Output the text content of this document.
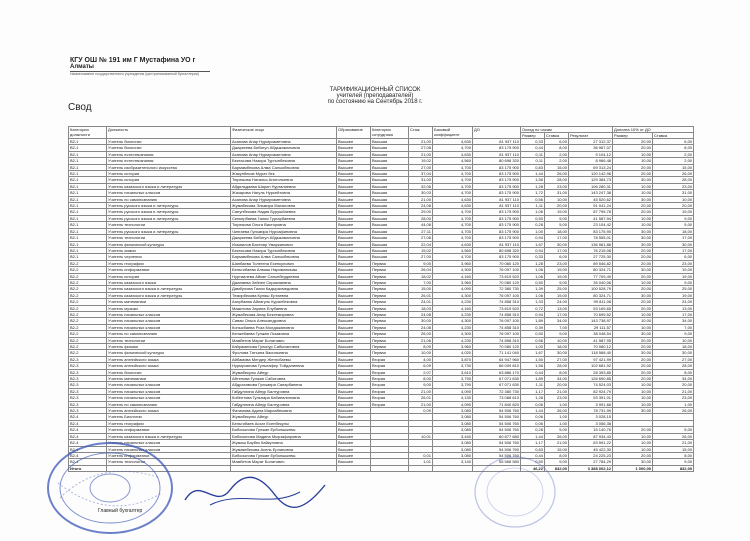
КГУ ОШ № 191 им Г Мустафина УО г
Алматы
Наименование государственного учреждения (централизованной бухгалтерии)
ТАРИФИКАЦИОННЫЙ СПИСОК
учителей (преподавателей)
по состоянию на Сентябрь 2018 г.
Свод
Категория должности	Должность	Физическое лицо	Образование	Категория сотрудника	Стаж	Базовый коэффициент	ДО	Оклад по часам			Доплата 10% от ДО	
								Размер	Ставка	Результат	Размер	Ставка
В2-1	Учитель биологии	Асанова Анар Нурмухаметовна	Высшее	Высшая	21,00	4,630	81 937 110	0,33	6,00	27 312,37	20,00	6,00
В2-1	Учитель биологии	Джаркеева Бибигул Абдыкамаловна	Высшее	Высшая	27,08	4,700	83 175 900	0,44	8,00	36 967,07	20,00	8,00
В2-1	Учитель естествознания	Асанова Анар Нурмухаметовна	Высшее	Высшая	21,00	4,630	81 937 110	0,11	2,00	9 104,12	10,00	2,00
В2-1	Учитель естествознания	Бектасова Назира Тургынбековна	Высшее	Высшая	19,02	4,560	80 698 320	0,11	2,00	8 966,48	10,00	2,00
В2-1	Учитель изобразительного искусства	Бармамбекова Алма Салыкбековна	Высшее	Высшая	27,00	4,700	83 175 900	0,83	15,00	69 313,24	20,00	15,00
В2-1	Учитель истории	Жакупбеков Мурат бек	Высшее	Высшая	37,04	4,700	83 175 900	1,44	26,00	120 142,96	20,00	26,00
В2-1	Учитель истории	Тюрюкова Наталья Анатольевна	Высшее	Высшая	31,00	4,700	83 175 900	1,56	28,00	129 384,73	30,00	28,00
В2-1	Учитель казахского языка и литературы	Абдильдаева Шарин Нургалиевна	Высшее	Высшая	32,06	4,700	83 175 900	1,28	23,00	106 280,31	10,00	23,00
В2-1	Учитель начальных классов	Жазарова Нагуль Нурсейтовна	Высшее	Высшая	30,03	4,700	83 175 900	1,72	31,00	143 247,38	10,00	31,00
В2-1	Учитель по самопознанию	Асанова Анар Нурмухаметовна	Высшее	Высшая	21,00	4,630	81 937 110	0,56	10,00	45 520,62	30,00	10,00
В2-1	Учитель русского языка и литературы	Жумабекова Эльмира Махаловна	Высшее	Высшая	24,08	4,630	81 937 110	1,11	20,00	91 041,24	20,00	20,00
В2-1	Учитель русского языка и литературы	Сапунбекова Надия Бурушбаевна	Высшее	Высшая	29,00	4,700	83 175 900	1,06	19,00	87 795,78	20,00	19,00
В2-1	Учитель русского языка и литературы	Сенкербаева Галия Тургарбаевна	Высшее	Высшая	28,00	4,700	83 175 900	0,50	9,00	41 587,94	10,00	9,00
В2-1	Учитель технологии	Тюрюкова Ольга Викторовна	Высшее	Высшая	44,08	4,700	83 175 900	0,28	5,00	23 104,42	10,00	5,00
В2-1	Учитель русского языка и литературы	Чингаева Гульмира Нурсафиновна	Высшее	Высшая	27,11	4,700	83 175 900	1,00	18,00	83 175,90	30,00	18,00
В2-1	Учитель технологии	Джаркеева Бибигул Абдыкамаловна	Высшее	Высшая	27,08	4,700	83 175 900	0,94	17,00	78 555,01	30,00	17,00
В2-1	Учитель физической культуры	Исмаилов Бахтияр Умарканович	Высшее	Высшая	22,04	4,630	81 937 110	1,67	30,00	136 561,86	30,00	30,00
В2-1	Учитель химии	Бектасова Назира Тургынбековна	Высшее	Высшая	19,02	4,560	80 698 320	0,94	17,00	76 215,08	20,00	17,00
В2-1	Учитель черчения	Бармамбекова Алма Салыкбековна	Высшее	Высшая	27,00	4,700	83 175 900	0,33	6,00	27 725,30	20,00	6,00
В2-2	Учитель географии	Шапбаева Толегена Есенкулович	Высшее	Первая	9,00	3,960	70 080 120	1,28	23,00	89 546,82	20,00	23,00
В2-2	Учитель информатики	Бельгибаева Алмаш Нариманкызы	Высшее	Первая	26,04	4,300	76 097 100	1,06	19,00	80 324,71	30,00	19,00
В2-2	Учитель истории	Нуртаилева Айкан Сагынбердиевна	Высшее	Первая	18,02	4,160	73 619 520	1,06	19,00	77 709,49	20,00	19,00
В2-2	Учитель казахского языка	Джанаева Зейнеп Серикпаевна	Высшее	Первая	7,00	3,960	70 080 120	0,50	9,00	35 040,06	10,00	9,00
В2-2	Учитель казахского языка и литературы	Дамбулова Галия Кадырахмедовна	Высшее	Первая	15,00	4,090	72 380 730	1,39	25,00	100 528,79	20,00	25,00
В2-2	Учитель казахского языка и литературы	Темирбекова Куляш Ертаевна	Высшее	Первая	26,01	4,300	76 097 100	1,06	19,00	80 324,71	30,00	19,00
В2-2	Учитель математики	Азербаева Айнагуль Куралбековна	Высшее	Первая	24,01	4,230	74 858 310	1,33	24,00	99 811,08	20,00	24,00
В2-2	Учитель музыки	Мажитова Зарина Елубаевна	Высшее	Первая	18,03	4,160	73 619 520	0,72	13,00	53 169,65	20,00	13,00
В2-2	Учитель начальных классов	Жумабекова Анар Бектемировна	Высшее	Первая	24,08	4,230	74 858 310	0,94	17,00	70 699,52	10,00	17,00
В2-2	Учитель начальных классов	Сивая Ольга Александровна	Высшее	Первая	30,00	4,300	76 097 100	1,89	34,00	143 738,97	10,00	34,00
В2-2	Учитель начальных классов	Конысбаева Роза Молдажановна	Высшее	Первая	24,08	4,230	74 858 310	0,39	7,00	29 111,57	10,00	7,00
В2-2	Учитель по самопознанию	Кенжебаева Гулжан Лсымовна	Высшее	Первая	26,00	4,300	76 097 100	0,50	9,00	38 048,54	30,00	9,00
В2-2	Учитель технологии	Мамбетов Марат Болатович	Высшее	Первая	21,06	4,230	74 858 310	0,56	10,00	41 587,95	20,00	10,00
В2-2	Учитель физики	Кайраменова Гульнур Сабыхановна	Высшее	Первая	8,09	3,960	70 080 120	1,00	18,00	70 080,12	20,00	18,00
В2-2	Учитель физической культуры	Фролова Татьяна Васильевна	Высшее	Первая	10,00	4,020	71 141 040	1,67	30,00	118 568,40	30,00	30,00
В2-3	Учитель английского языка	Айбамова Мендер Жетпсбаевы	Высшее	Вторая	4,00	3,870	64 947 960	1,50	27,00	97 421,99	20,00	27,00
В2-3	Учитель английского языка	Нурмуханова Гульнафер Тойдалиевна	Высшее	Вторая	6,09	3,730	66 009 810	1,56	28,00	102 681,92	20,00	28,00
В2-3	Учитель биологии	Жумабекулы Айнур	Высшее	Вторая	2,07	3,610	63 886 170	0,44	8,00	28 393,85	20,00	8,00
В2-3	Учитель математики	Айтенова Гулжан Сабитовна	Высшее	Вторая	8,00	3,790	67 071 630	1,89	34,00	126 690,85	20,00	34,00
В2-3	Учитель начальных классов	Абдрахимова Гульмира Сапарбаевна	Высшее	Вторая	9,00	3,790	67 071 630	1,11	20,00	74 524,03	10,00	20,00
В2-3	Учитель начальных классов	Габдуллина Айнур Балтуровна	Высшее	Вторая	21,00	4,090	72 380 730	1,17	21,00	82 924,79	10,00	21,00
В2-3	Учитель начальных классов	Кобентова Гульнара Кабиевлиновна	Высшее	Вторая	26,01	4,130	73 088 610	1,28	23,00	93 391,01	10,00	23,00
В2-3	Учитель по самопознанию	Габдуллина Айнур Балтуровна	Высшее	Вторая	21,00	4,090	71 840 820	0,06	1,00	3 991,66	10,00	1,00
В2-3	Учитель английского языка	Фатимова Адина Мариабековна	Высшее		0,09	3,080	54 506 760	1,44	26,00	78 731,99	30,00	26,00
В2-4	Учитель Биологии	Жумабекулы Айнур	Высшее			3,080	54 506 760	0,06	1,00	3 028,15		
В2-4	Учитель географии	Бельгибаев Асхат Есенбекулы	Высшее			3,080	54 506 760	0,06	1,00	3 056,38		
В2-4	Учитель информатики	Бибосынова Гулжан Ерболшыевы	Высшее			3,080	54 506 760	0,28	5,00	15 140,76	20,00	5,00
В2-4	Учитель казахского языка и литературы	Бибосынова Мадина Мырзафаровна	Высшее		10,01	3,440	60 877 680	1,44	26,00	87 934,43	10,00	26,00
В2-4	Учитель начальных классов	Жумаш Баубек Кайкуловна	Высшее			3,080	54 506 760	1,17	21,00	63 591,22	10,00	21,00
В2-4	Учитель начальных классов	Жумакебекова Асель Ерлановна	Высшее			3,080	54 506 760	0,83	15,00	45 422,30	10,00	15,00
В2-4	Учитель информатики	Бибосынова Гулжан Ерболшыевы	Высшее		0,01	3,080	54 506 760	0,44	8,00	24 225,23	20,00	8,00
В2-4	Учитель технологии	Мамбетов Марат Болатович	Высшее		1,01	3,140	55 568 580	0,50	9,00	27 784,29	30,00	9,00
Итого								46,22	832,00	3 388 002,12	1 000,00	832,00
Главный бухгалтер
